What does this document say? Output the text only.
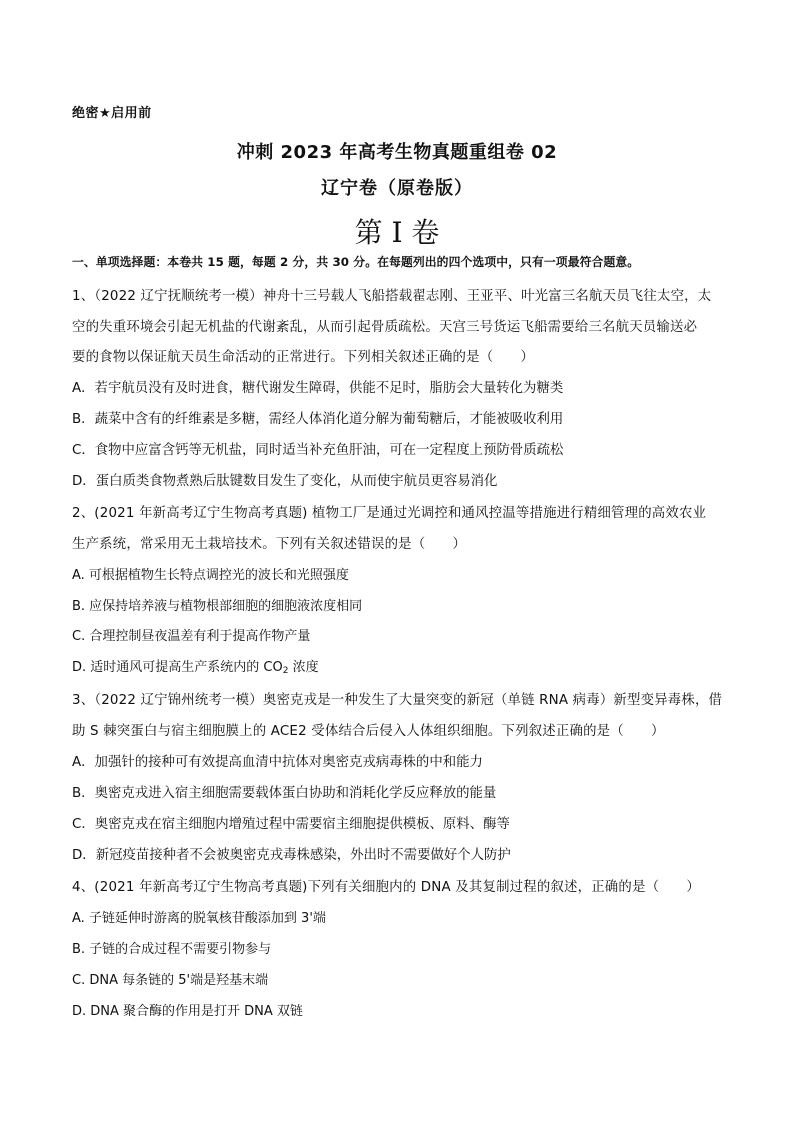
绝密★启用前
冲刺 2023 年高考生物真题重组卷 02
辽宁卷（原卷版）
第 I 卷
一、单项选择题：本卷共 15 题，每题 2 分，共 30 分。在每题列出的四个选项中，只有一项最符合题意。
1、（2022 辽宁抚顺统考一模）神舟十三号载人飞船搭载翟志刚、王亚平、叶光富三名航天员飞往太空，太
空的失重环境会引起无机盐的代谢紊乱，从而引起骨质疏松。天宫三号货运飞船需要给三名航天员输送必
要的食物以保证航天员生命活动的正常进行。下列相关叙述正确的是（　　）
A．若宇航员没有及时进食，糖代谢发生障碍，供能不足时，脂肪会大量转化为糖类
B．蔬菜中含有的纤维素是多糖，需经人体消化道分解为葡萄糖后，才能被吸收利用
C．食物中应富含钙等无机盐，同时适当补充鱼肝油，可在一定程度上预防骨质疏松
D．蛋白质类食物煮熟后肽键数目发生了变化，从而使宇航员更容易消化
2、(2021 年新高考辽宁生物高考真题) 植物工厂是通过光调控和通风控温等措施进行精细管理的高效农业
生产系统，常采用无土栽培技术。下列有关叙述错误的是（　　）
A. 可根据植物生长特点调控光的波长和光照强度
B. 应保持培养液与植物根部细胞的细胞液浓度相同
C. 合理控制昼夜温差有利于提高作物产量
D. 适时通风可提高生产系统内的 $CO_2$ 浓度
3、（2022 辽宁锦州统考一模）奥密克戎是一种发生了大量突变的新冠（单链 RNA 病毒）新型变异毒株，借
助 S 棘突蛋白与宿主细胞膜上的 ACE2 受体结合后侵入人体组织细胞。下列叙述正确的是（　　）
A．加强针的接种可有效提高血清中抗体对奥密克戎病毒株的中和能力
B．奥密克戎进入宿主细胞需要载体蛋白协助和消耗化学反应释放的能量
C．奥密克戎在宿主细胞内增殖过程中需要宿主细胞提供模板、原料、酶等
D．新冠疫苗接种者不会被奥密克戎毒株感染，外出时不需要做好个人防护
4、(2021 年新高考辽宁生物高考真题)下列有关细胞内的 DNA 及其复制过程的叙述，正确的是（　　）
A. 子链延伸时游离的脱氧核苷酸添加到 3'端
B. 子链的合成过程不需要引物参与
C. DNA 每条链的 5'端是羟基末端
D. DNA 聚合酶的作用是打开 DNA 双链
